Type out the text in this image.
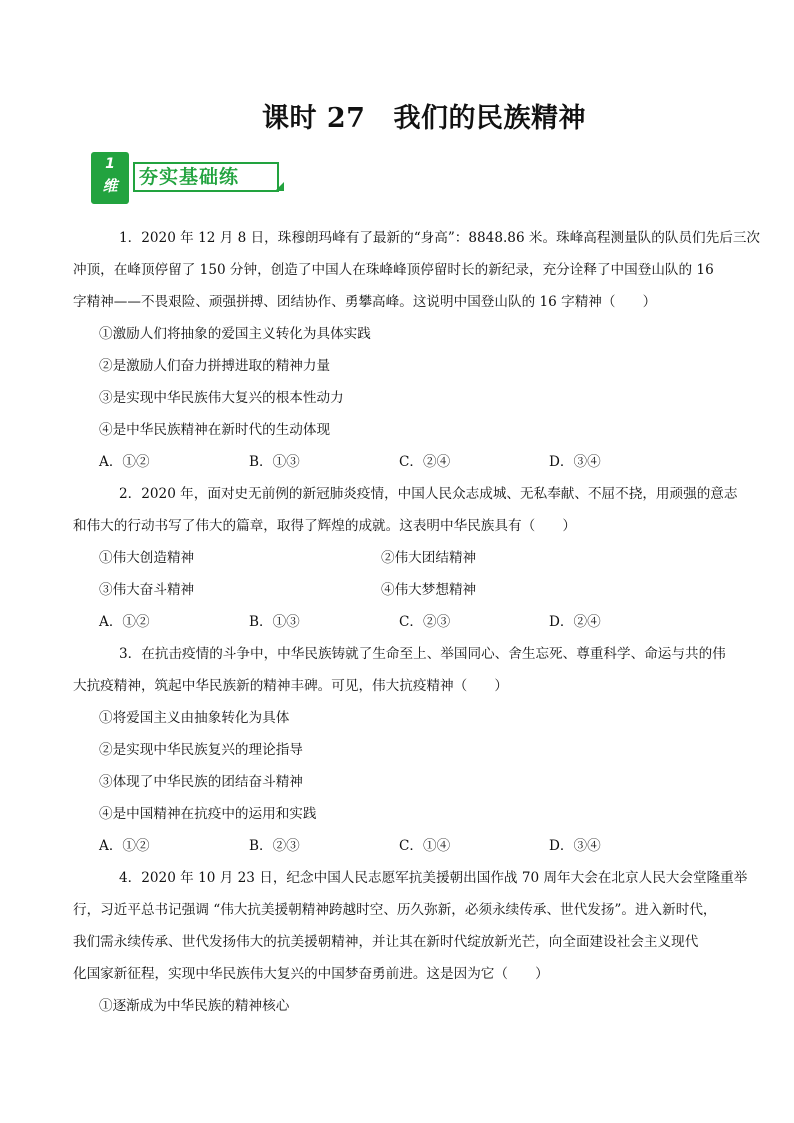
课时 27 我们的民族精神
1
维	夯实基础练

1．2020 年 12 月 8 日，珠穆朗玛峰有了最新的“身高”：8848.86 米。珠峰高程测量队的队员们先后三次

冲顶，在峰顶停留了 150 分钟，创造了中国人在珠峰峰顶停留时长的新纪录，充分诠释了中国登山队的 16

字精神——不畏艰险、顽强拼搏、团结协作、勇攀高峰。这说明中国登山队的 16 字精神（　　）

①激励人们将抽象的爱国主义转化为具体实践

②是激励人们奋力拼搏进取的精神力量

③是实现中华民族伟大复兴的根本性动力

④是中华民族精神在新时代的生动体现

A．①②	B．①③	C．②④	D．③④

2．2020 年，面对史无前例的新冠肺炎疫情，中国人民众志成城、无私奉献、不屈不挠，用顽强的意志

和伟大的行动书写了伟大的篇章，取得了辉煌的成就。这表明中华民族具有（　　）

①伟大创造精神	②伟大团结精神
③伟大奋斗精神	④伟大梦想精神
A．①②	B．①③	C．②③	D．②④

3．在抗击疫情的斗争中，中华民族铸就了生命至上、举国同心、舍生忘死、尊重科学、命运与共的伟

大抗疫精神，筑起中华民族新的精神丰碑。可见，伟大抗疫精神（　　）

①将爱国主义由抽象转化为具体

②是实现中华民族复兴的理论指导

③体现了中华民族的团结奋斗精神

④是中国精神在抗疫中的运用和实践

A．①②	B．②③	C．①④	D．③④

4．2020 年 10 月 23 日，纪念中国人民志愿军抗美援朝出国作战 70 周年大会在北京人民大会堂隆重举

行，习近平总书记强调 “伟大抗美援朝精神跨越时空、历久弥新，必须永续传承、世代发扬”。进入新时代，

我们需永续传承、世代发扬伟大的抗美援朝精神，并让其在新时代绽放新光芒，向全面建设社会主义现代

化国家新征程，实现中华民族伟大复兴的中国梦奋勇前进。这是因为它（　　）

①逐渐成为中华民族的精神核心
